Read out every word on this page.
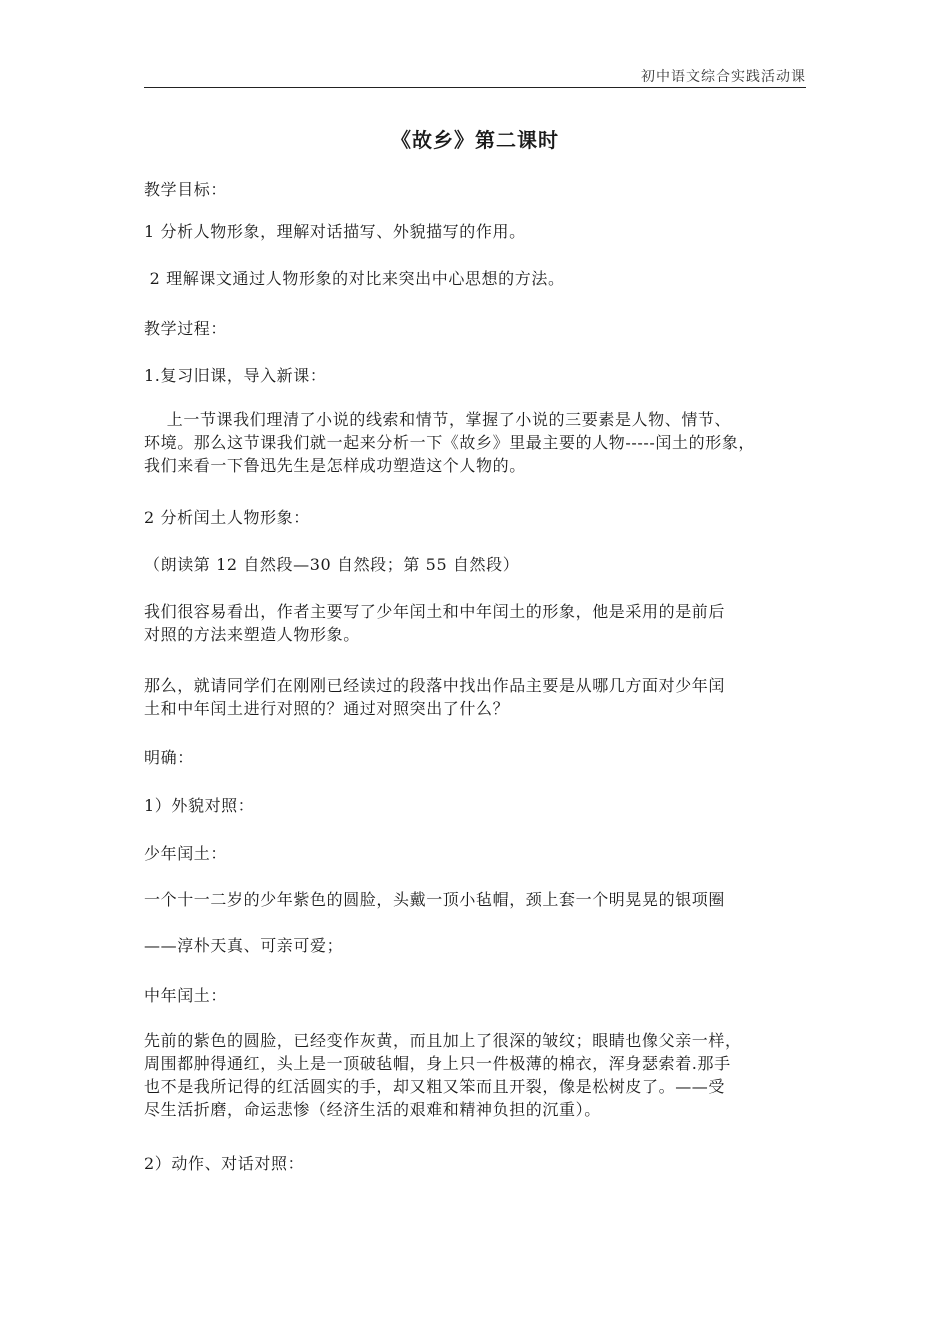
初中语文综合实践活动课
《故乡》第二课时
教学目标：
1 分析人物形象，理解对话描写、外貌描写的作用。
2 理解课文通过人物形象的对比来突出中心思想的方法。
教学过程：
1.复习旧课，导入新课：
上一节课我们理清了小说的线索和情节，掌握了小说的三要素是人物、情节、
环境。那么这节课我们就一起来分析一下《故乡》里最主要的人物-----闰土的形象，
我们来看一下鲁迅先生是怎样成功塑造这个人物的。
2 分析闰土人物形象：
（朗读第 12 自然段—30 自然段；第 55 自然段）
我们很容易看出，作者主要写了少年闰土和中年闰土的形象，他是采用的是前后
对照的方法来塑造人物形象。
那么，就请同学们在刚刚已经读过的段落中找出作品主要是从哪几方面对少年闰
土和中年闰土进行对照的？通过对照突出了什么？
明确：
1）外貌对照：
少年闰土：
一个十一二岁的少年紫色的圆脸，头戴一顶小毡帽，颈上套一个明晃晃的银项圈
——淳朴天真、可亲可爱；
中年闰土：
先前的紫色的圆脸，已经变作灰黄，而且加上了很深的皱纹；眼睛也像父亲一样，
周围都肿得通红，头上是一顶破毡帽，身上只一件极薄的棉衣，浑身瑟索着.那手
也不是我所记得的红活圆实的手，却又粗又笨而且开裂，像是松树皮了。——受
尽生活折磨，命运悲惨（经济生活的艰难和精神负担的沉重）。
2）动作、对话对照：
